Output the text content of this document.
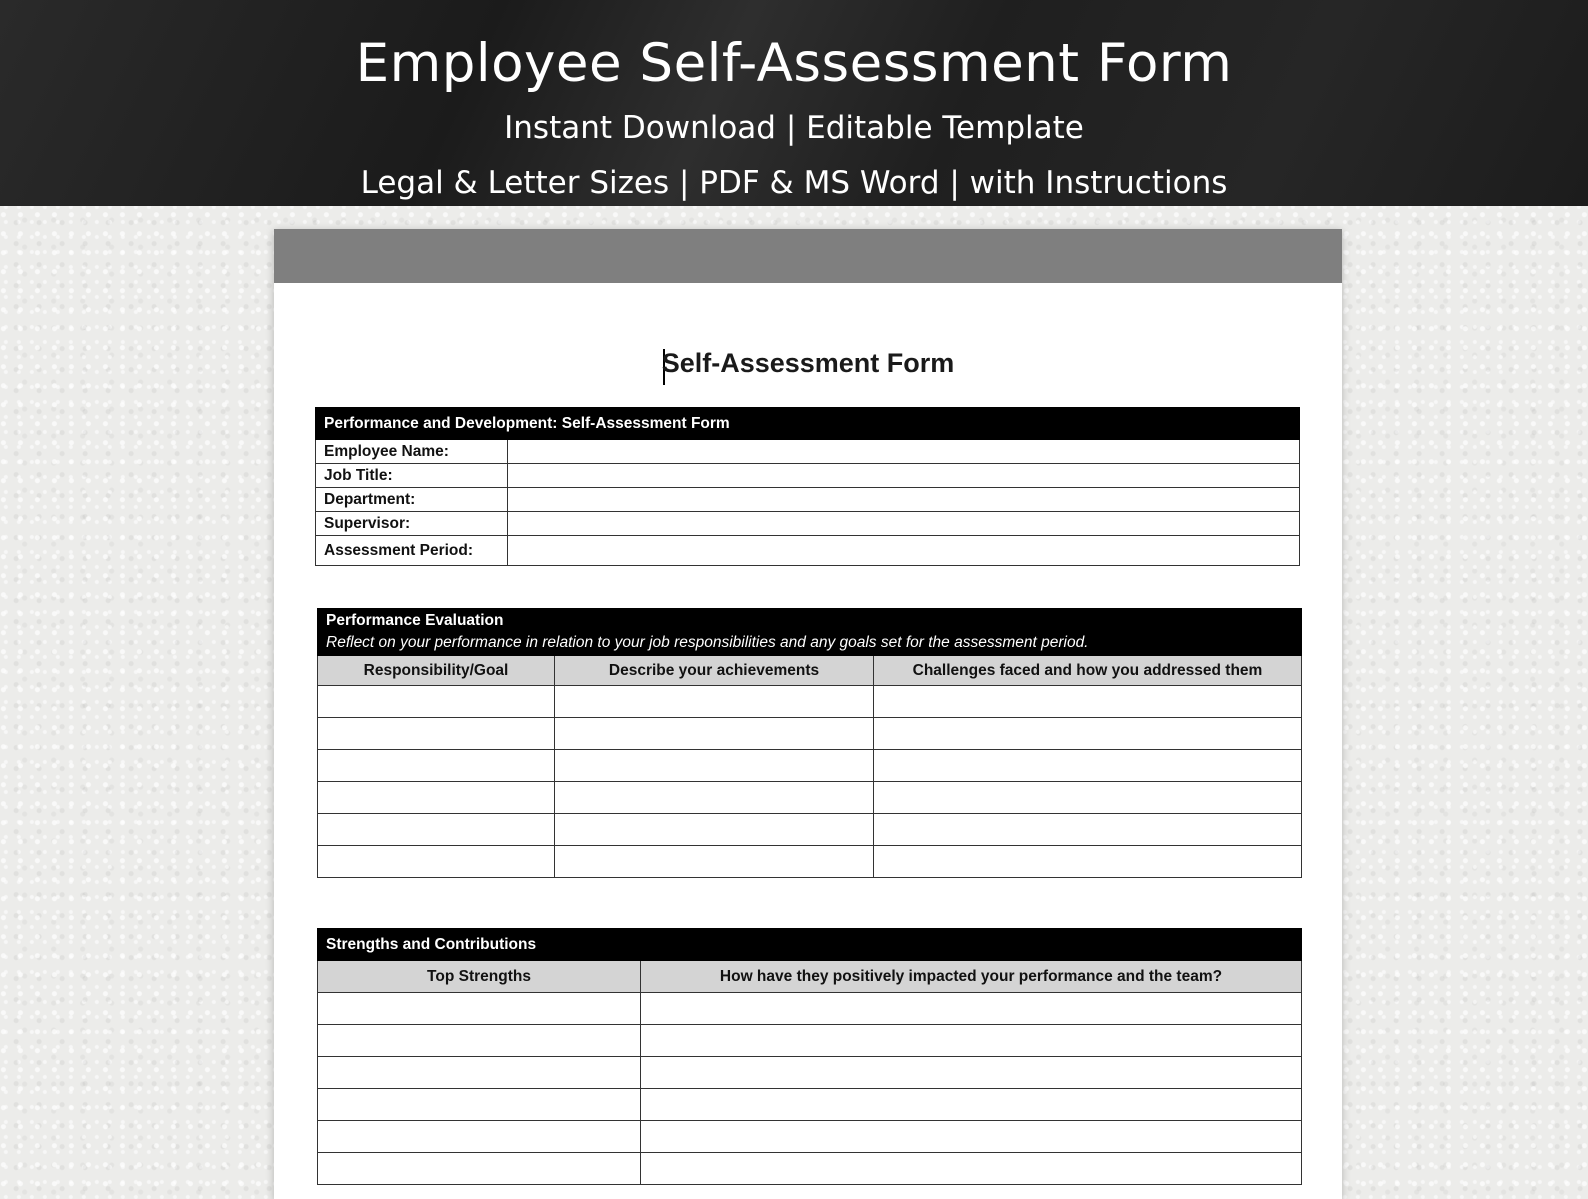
Employee Self-Assessment Form
Instant Download | Editable Template
Legal & Letter Sizes | PDF & MS Word | with Instructions
Self-Assessment Form
Performance and Development: Self-Assessment Form	
Employee Name:	
Job Title:	
Department:	
Supervisor:	
Assessment Period:	
Performance Evaluation
Reflect on your performance in relation to your job responsibilities and any goals set for the assessment period.		
Responsibility/Goal	Describe your achievements	Challenges faced and how you addressed them

Strengths and Contributions	
Top Strengths	How have they positively impacted your performance and the team?
